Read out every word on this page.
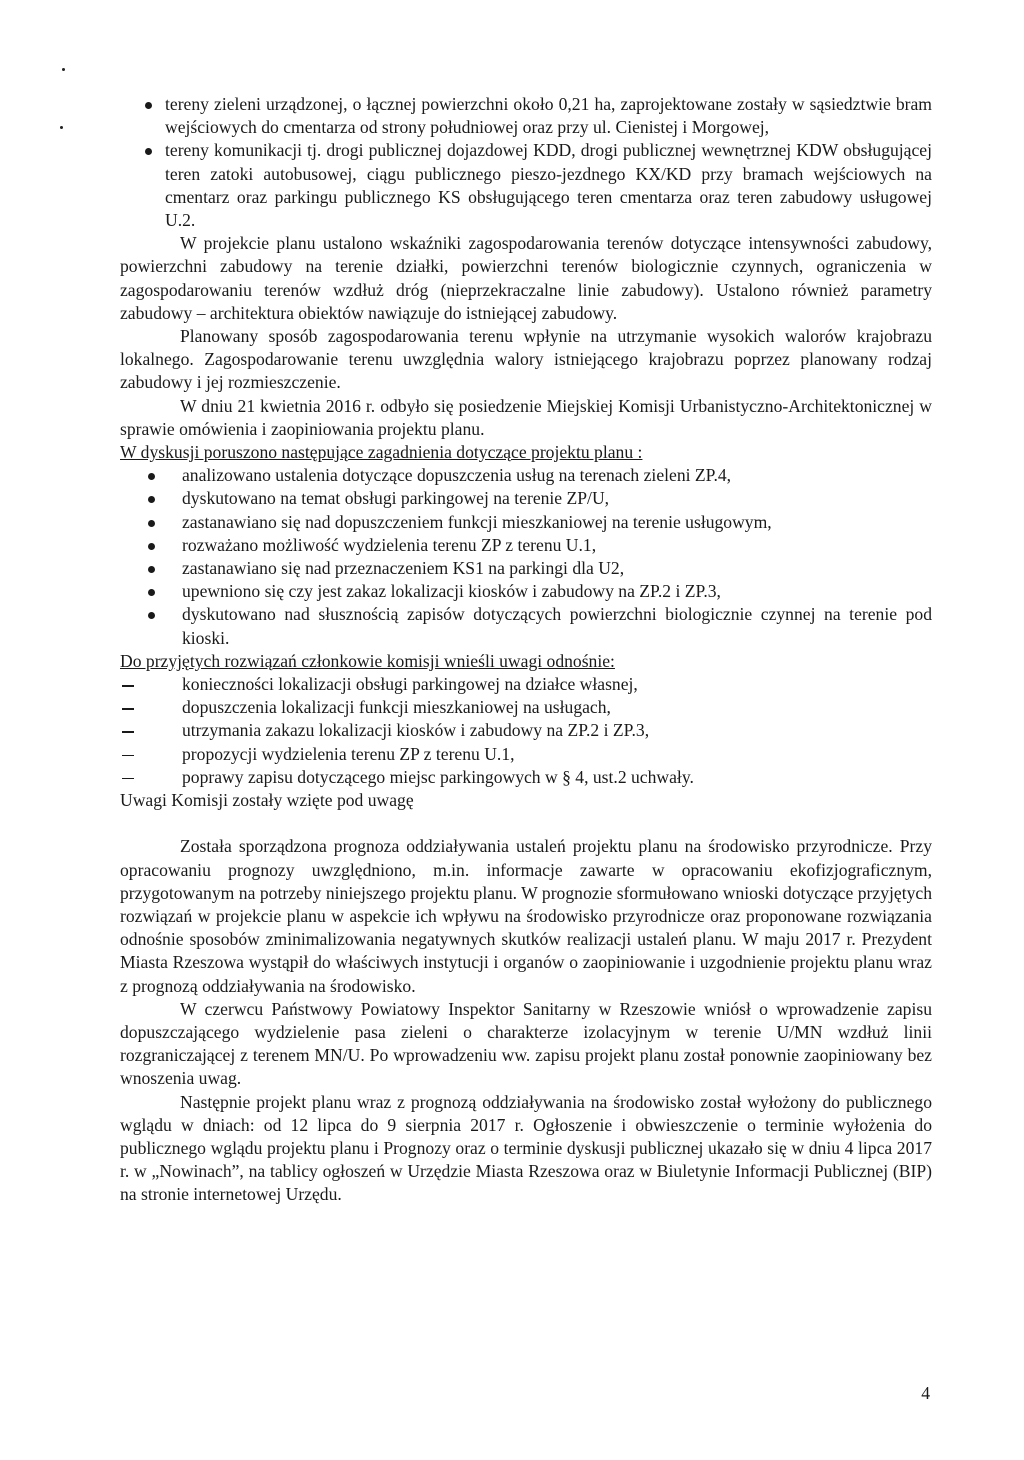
tereny zieleni urządzonej, o łącznej powierzchni około 0,21 ha, zaprojektowane zostały w sąsiedztwie bram wejściowych do cmentarza od strony południowej oraz przy ul. Cienistej i Morgowej,
tereny komunikacji tj. drogi publicznej dojazdowej KDD, drogi publicznej wewnętrznej KDW obsługującej teren zatoki autobusowej, ciągu publicznego pieszo-jezdnego KX/KD przy bramach wejściowych na cmentarz oraz parkingu publicznego KS obsługującego teren cmentarza oraz teren zabudowy usługowej U.2.

W projekcie planu ustalono wskaźniki zagospodarowania terenów dotyczące intensywności zabudowy, powierzchni zabudowy na terenie działki, powierzchni terenów biologicznie czynnych, ograniczenia w zagospodarowaniu terenów wzdłuż dróg (nieprzekraczalne linie zabudowy). Ustalono również parametry zabudowy – architektura obiektów nawiązuje do istniejącej zabudowy.

Planowany sposób zagospodarowania terenu wpłynie na utrzymanie wysokich walorów krajobrazu lokalnego. Zagospodarowanie terenu uwzględnia walory istniejącego krajobrazu poprzez planowany rodzaj zabudowy i jej rozmieszczenie.

W dniu 21 kwietnia 2016 r. odbyło się posiedzenie Miejskiej Komisji Urbanistyczno-Architektonicznej w sprawie omówienia i zaopiniowania projektu planu.

W dyskusji poruszono następujące zagadnienia dotyczące projektu planu :

analizowano ustalenia dotyczące dopuszczenia usług na terenach zieleni ZP.4,
dyskutowano na temat obsługi parkingowej na terenie ZP/U,
zastanawiano się nad dopuszczeniem funkcji mieszkaniowej na terenie usługowym,
rozważano możliwość wydzielenia terenu ZP z terenu U.1,
zastanawiano się nad przeznaczeniem KS1 na parkingi dla U2,
upewniono się czy jest zakaz lokalizacji kiosków i zabudowy na ZP.2 i ZP.3,
dyskutowano nad słusznością zapisów dotyczących powierzchni biologicznie czynnej na terenie pod kioski.

Do przyjętych rozwiązań członkowie komisji wnieśli uwagi odnośnie:

konieczności lokalizacji obsługi parkingowej na działce własnej,
dopuszczenia lokalizacji funkcji mieszkaniowej na usługach,
utrzymania zakazu lokalizacji kiosków i zabudowy na ZP.2 i ZP.3,
propozycji wydzielenia terenu ZP z terenu U.1,
poprawy zapisu dotyczącego miejsc parkingowych w § 4, ust.2 uchwały.

Uwagi Komisji zostały wzięte pod uwagę

Została sporządzona prognoza oddziaływania ustaleń projektu planu na środowisko przyrodnicze. Przy opracowaniu prognozy uwzględniono, m.in. informacje zawarte w opracowaniu ekofizjograficznym, przygotowanym na potrzeby niniejszego projektu planu. W prognozie sformułowano wnioski dotyczące przyjętych rozwiązań w projekcie planu w aspekcie ich wpływu na środowisko przyrodnicze oraz proponowane rozwiązania odnośnie sposobów zminimalizowania negatywnych skutków realizacji ustaleń planu. W maju 2017 r. Prezydent Miasta Rzeszowa wystąpił do właściwych instytucji i organów o zaopiniowanie i uzgodnienie projektu planu wraz z prognozą oddziaływania na środowisko.

W czerwcu Państwowy Powiatowy Inspektor Sanitarny w Rzeszowie wniósł o wprowadzenie zapisu dopuszczającego wydzielenie pasa zieleni o charakterze izolacyjnym w terenie U/MN wzdłuż linii rozgraniczającej z terenem MN/U. Po wprowadzeniu ww. zapisu projekt planu został ponownie zaopiniowany bez wnoszenia uwag.

Następnie projekt planu wraz z prognozą oddziaływania na środowisko został wyłożony do publicznego wglądu w dniach: od 12 lipca do 9 sierpnia 2017 r. Ogłoszenie i obwieszczenie o terminie wyłożenia do publicznego wglądu projektu planu i Prognozy oraz o terminie dyskusji publicznej ukazało się w dniu 4 lipca 2017 r. w „Nowinach”, na tablicy ogłoszeń w Urzędzie Miasta Rzeszowa oraz w Biuletynie Informacji Publicznej (BIP) na stronie internetowej Urzędu.

4
